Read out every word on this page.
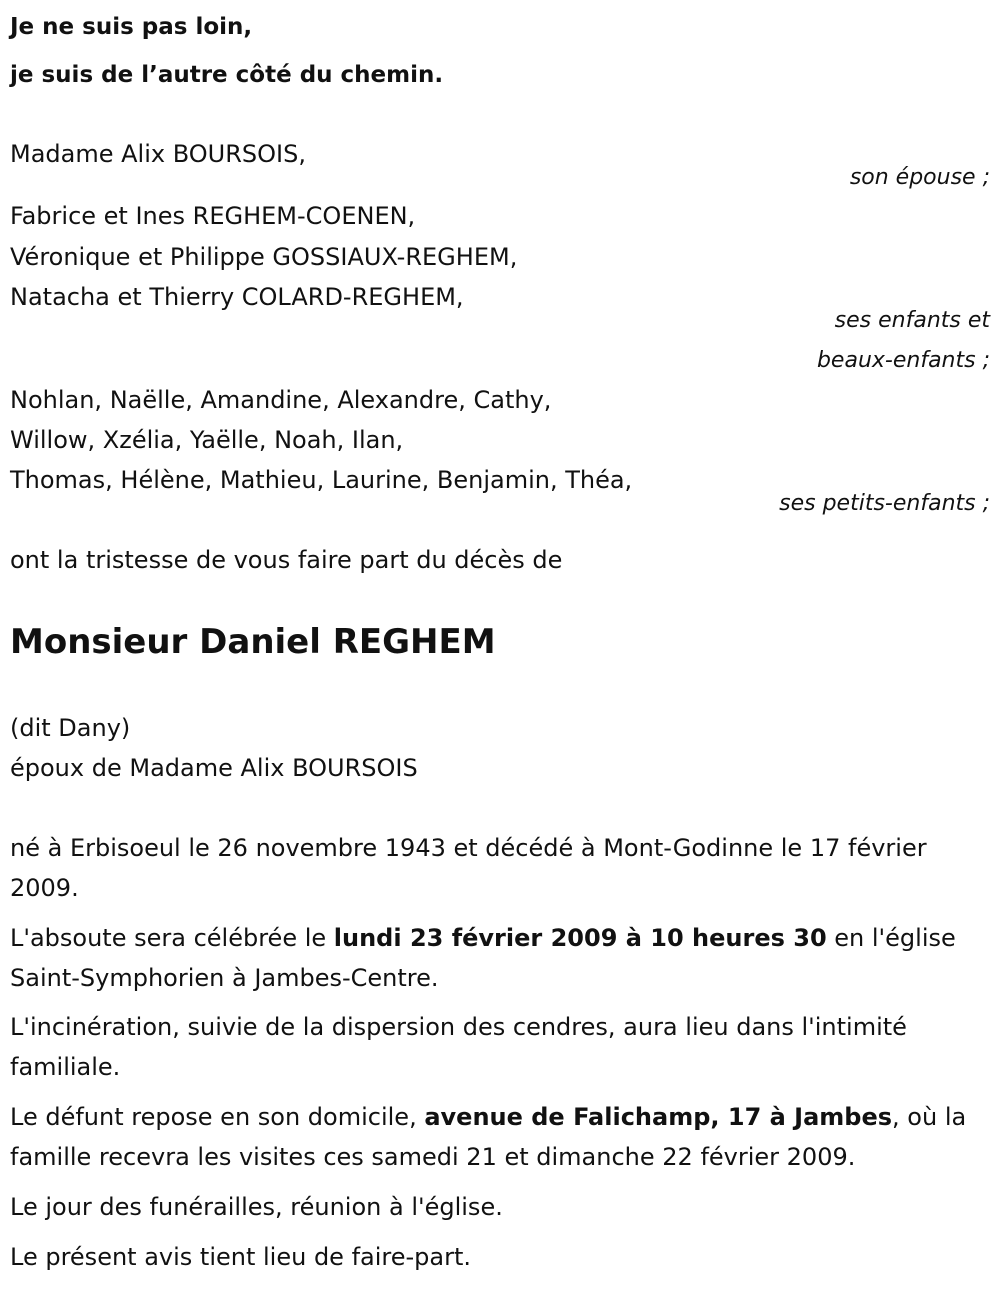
Je ne suis pas loin,

je suis de l’autre côté du chemin.

Madame Alix BOURSOIS,
son épouse ;
Fabrice et Ines REGHEM-COENEN,
Véronique et Philippe GOSSIAUX-REGHEM,
Natacha et Thierry COLARD-REGHEM,
ses enfants et
beaux-enfants ;
Nohlan, Naëlle, Amandine, Alexandre, Cathy,
Willow, Xzélia, Yaëlle, Noah, Ilan,
Thomas, Hélène, Mathieu, Laurine, Benjamin, Théa,
ses petits-enfants ;
ont la tristesse de vous faire part du décès de
Monsieur Daniel REGHEM
(dit Dany)
époux de Madame Alix BOURSOIS
né à Erbisoeul le 26 novembre 1943 et décédé à Mont-Godinne le 17 février 2009.
L'absoute sera célébrée le lundi 23 février 2009 à 10 heures 30 en l'église Saint-Symphorien à Jambes-Centre.
L'incinération, suivie de la dispersion des cendres, aura lieu dans l'intimité familiale.
Le défunt repose en son domicile, avenue de Falichamp, 17 à Jambes, où la famille recevra les visites ces samedi 21 et dimanche 22 février 2009.
Le jour des funérailles, réunion à l'église.
Le présent avis tient lieu de faire-part.
